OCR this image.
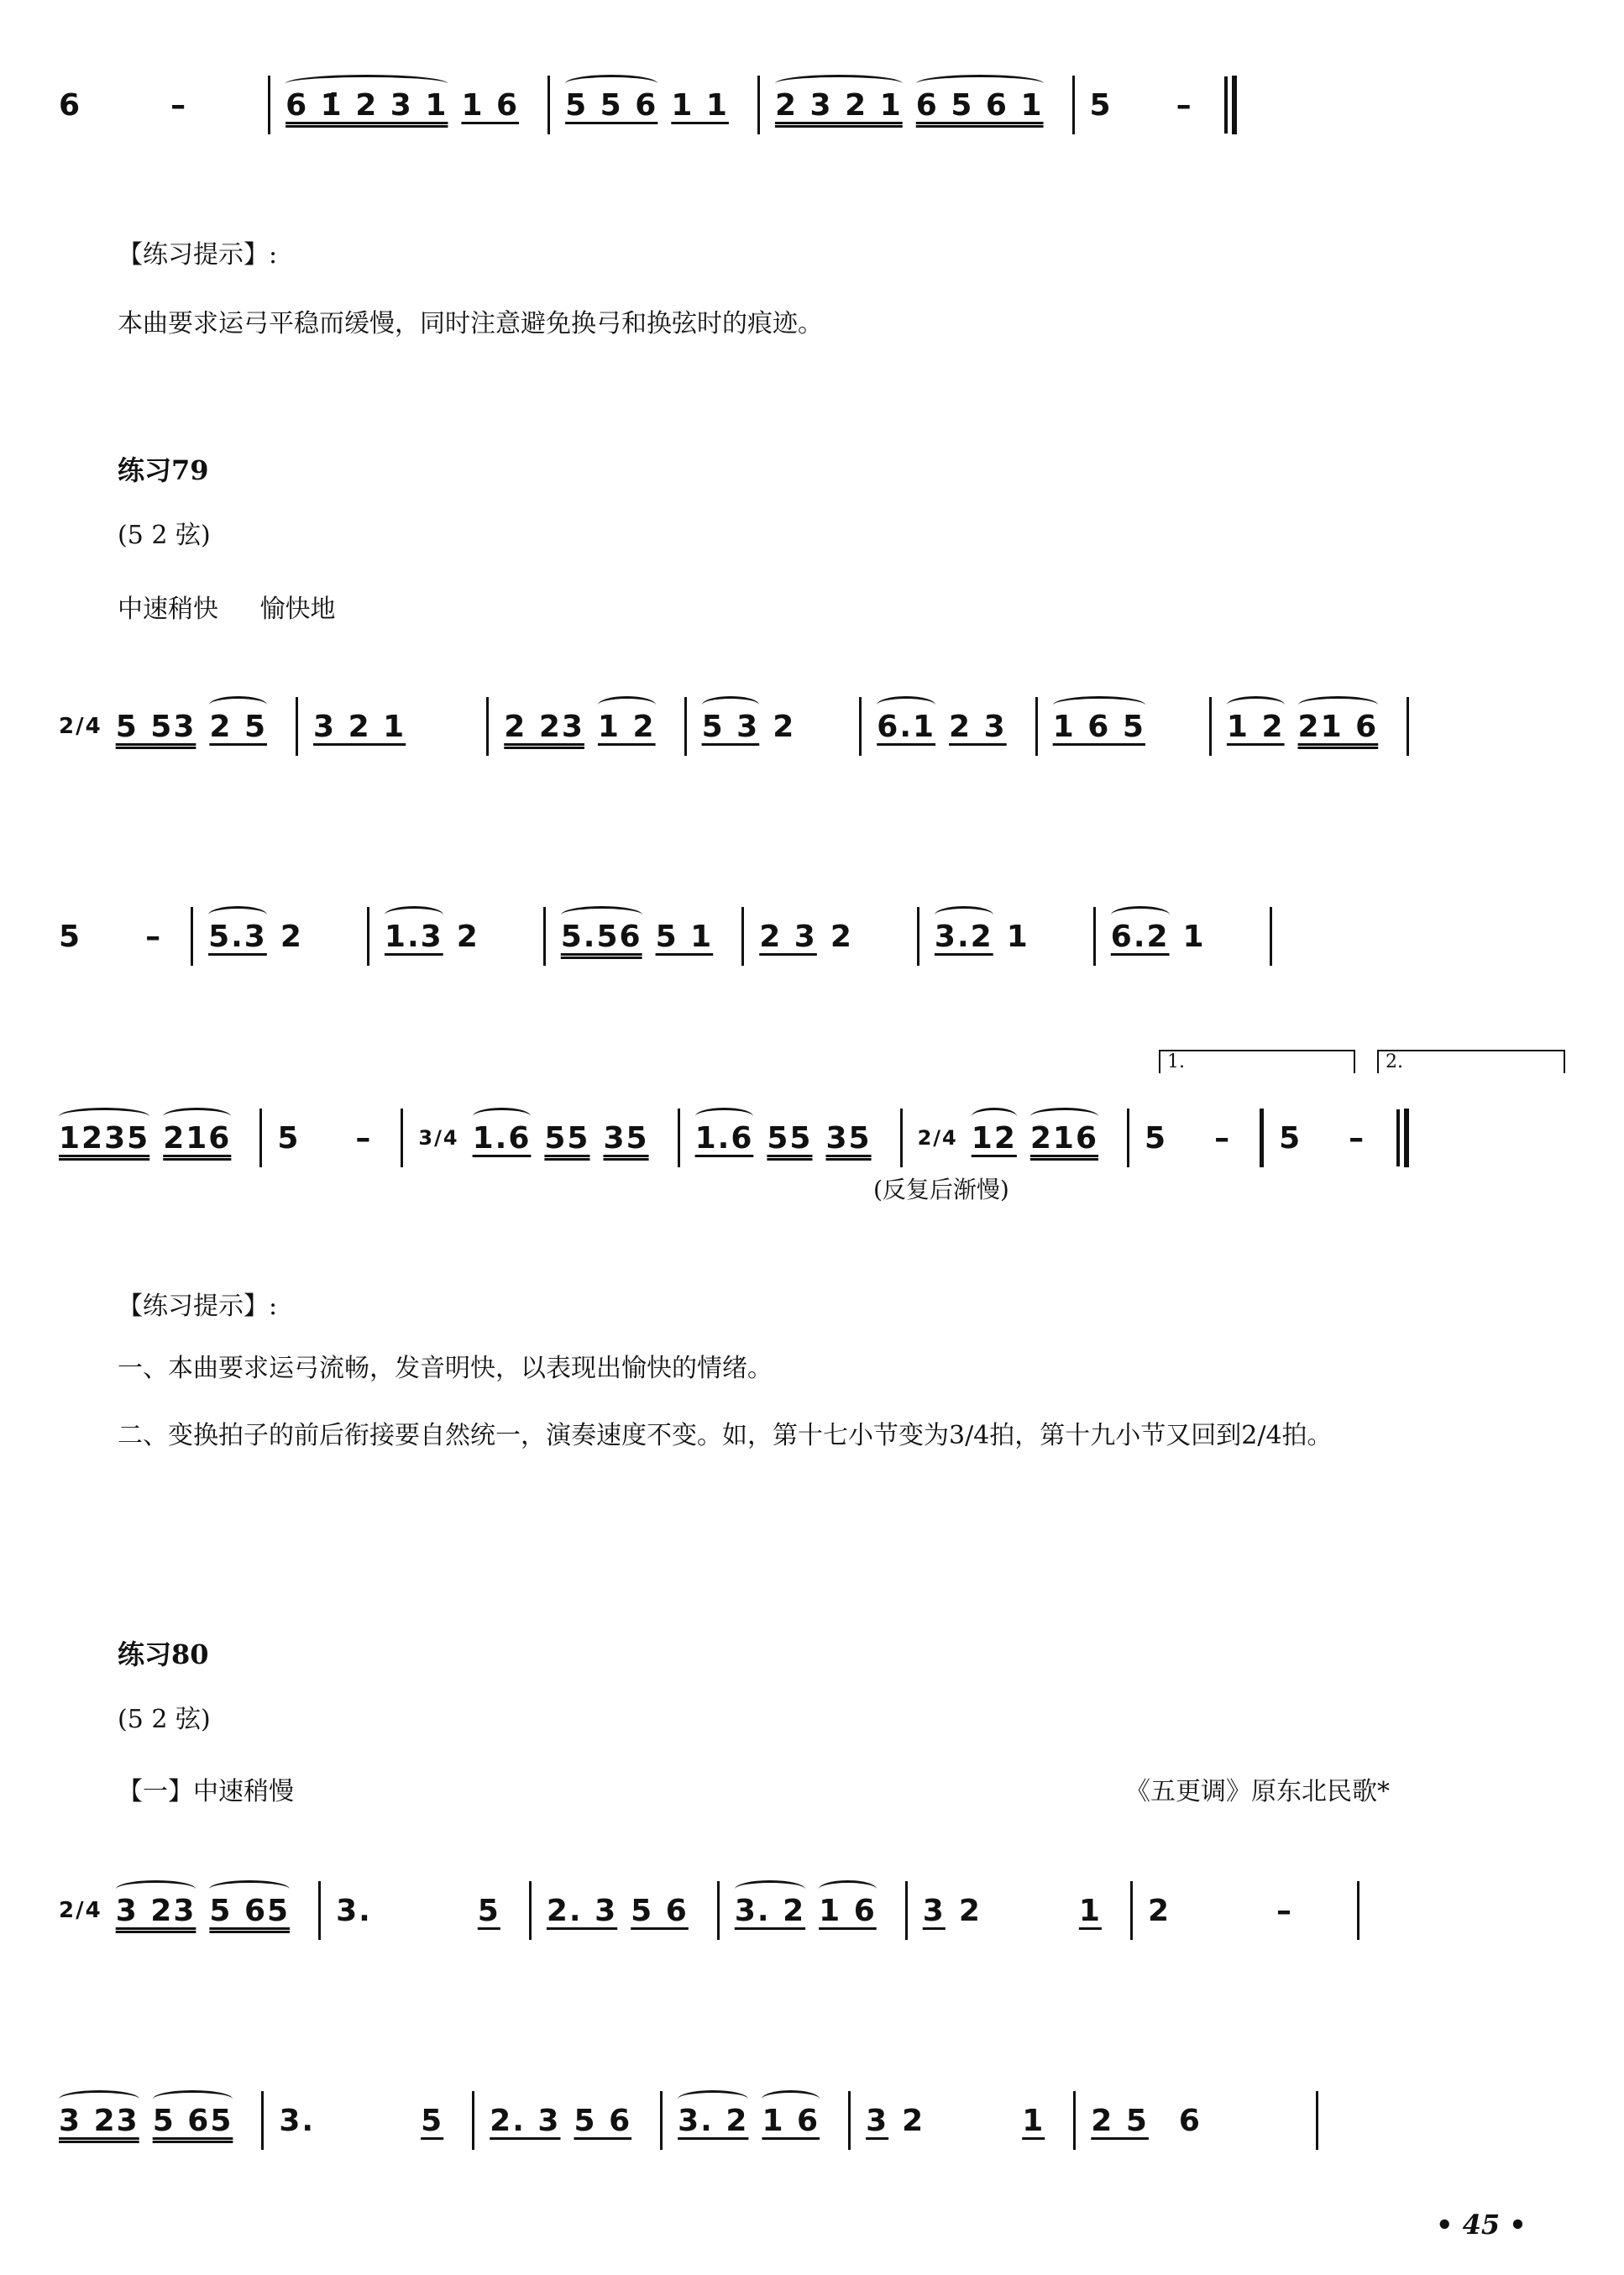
6	–	6 1̇ 2 3 1 1 6 5 5 6 1 1 2 3 2 1 6 5 6 1 5 –
【练习提示】:
本曲要求运弓平稳而缓慢，同时注意避免换弓和换弦时的痕迹。
练习79
(5 2 弦)
中速稍快 愉快地
2/4 5 53 2 5 3 2 1	2 23 1 2 5 3 2	6.1 2 3 1 6 5	1 2 21 6
5 – 5.3 2	1.3 2	5.56 5 1 2 3 2	3.2 1	6.2 1
1.	2.
1235 216 5 – 3/4 1.6 55 35 1.6 55 35 2/4 12 216 5 – 5 –
(反复后渐慢)
【练习提示】:
一、本曲要求运弓流畅，发音明快，以表现出愉快的情绪。
二、变换拍子的前后衔接要自然统一，演奏速度不变。如，第十七小节变为3/4拍，第十九小节又回到2/4拍。
练习80
(5 2 弦)
【一】中速稍慢	《五更调》原东北民歌*
2/4 3 23 5 65 3.	5 2. 3 5 6 3. 2 1 6 3 2	1 2	–
3 23 5 65 3.	5 2. 3 5 6 3. 2 1 6 3 2	1 2 5 6
• 45 •
